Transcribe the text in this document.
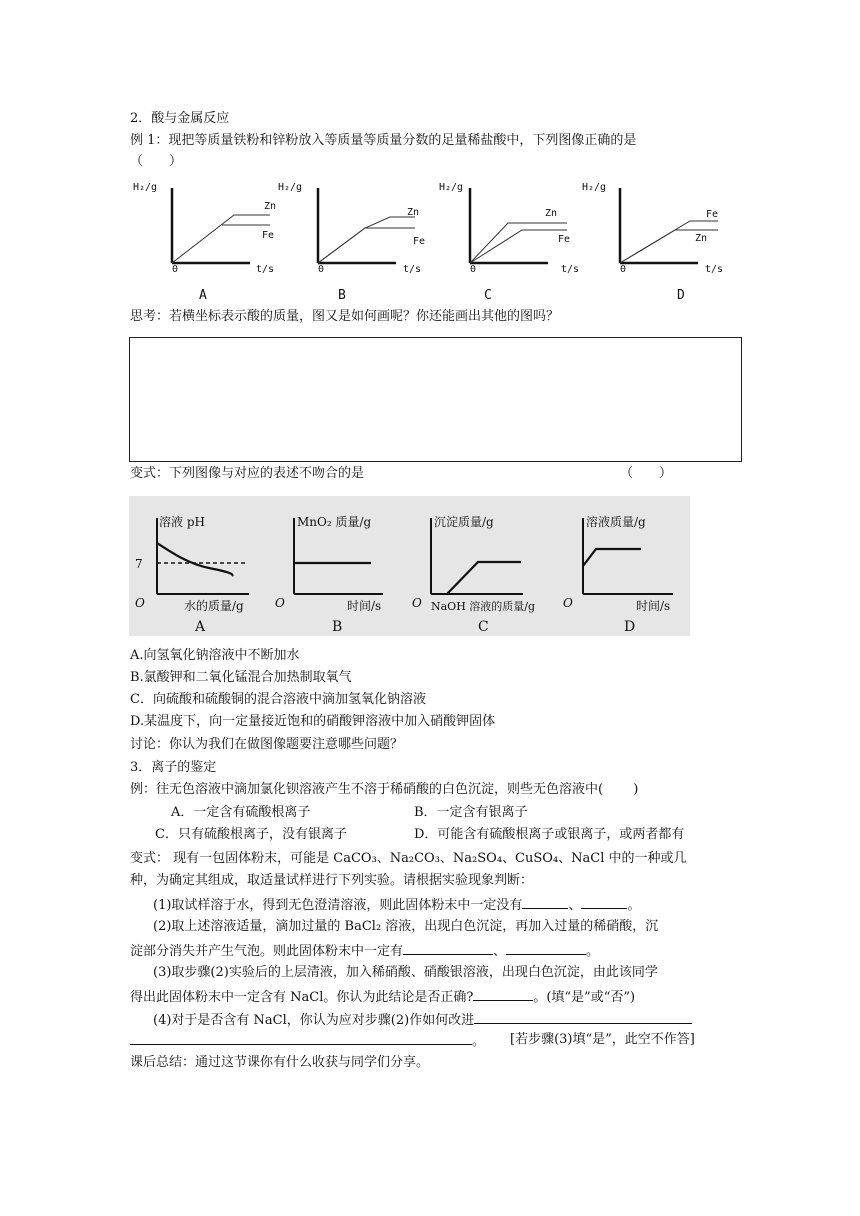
2．酸与金属反应
例 1：现把等质量铁粉和锌粉放入等质量等质量分数的足量稀盐酸中，下列图像正确的是
（　　）
H₂/g	H₂/g	H₂/g	H₂/g
Zn
Fe
Zn
Fe
Zn
Fe
Fe
Zn
0	0	0	0
t/s	t/s	t/s	t/s
A	B	C	D
思考：若横坐标表示酸的质量，图又是如何画呢？你还能画出其他的图吗？
变式：下列图像与对应的表述不吻合的是	（　　）
溶液 pH	MnO₂ 质量/g	沉淀质量/g	溶液质量/g
7
O	O	O	O
水的质量/g	时间/s	NaOH 溶液的质量/g	时间/s
A	B	C	D
A.向氢氧化钠溶液中不断加水
B.氯酸钾和二氧化锰混合加热制取氧气
C．向硫酸和硫酸铜的混合溶液中滴加氢氧化钠溶液
D.某温度下，向一定量接近饱和的硝酸钾溶液中加入硝酸钾固体
讨论：你认为我们在做图像题要注意哪些问题？
3．离子的鉴定
例：往无色溶液中滴加氯化钡溶液产生不溶于稀硝酸的白色沉淀，则些无色溶液中(　　 )
A．一定含有硫酸根离子	B．一定含有银离子
C．只有硫酸根离子，没有银离子	D．可能含有硫酸根离子或银离子，或两者都有
变式： 现有一包固体粉末，可能是 CaCO₃、Na₂CO₃、Na₂SO₄、CuSO₄、NaCl 中的一种或几
种，为确定其组成，取适量试样进行下列实验。请根据实验现象判断：
(1)取试样溶于水，得到无色澄清溶液，则此固体粉末中一定没有	、	。
(2)取上述溶液适量，滴加过量的 BaCl₂ 溶液，出现白色沉淀，再加入过量的稀硝酸，沉
淀部分消失并产生气泡。则此固体粉末中一定有	、	。
(3)取步骤(2)实验后的上层清液，加入稀硝酸、硝酸银溶液，出现白色沉淀，由此该同学
得出此固体粉末中一定含有 NaCl。你认为此结论是否正确?	。(填“是”或“否”)
(4)对于是否含有 NaCl，你认为应对步骤(2)作如何改进
。 [若步骤(3)填“是”，此空不作答]
课后总结：通过这节课你有什么收获与同学们分享。
